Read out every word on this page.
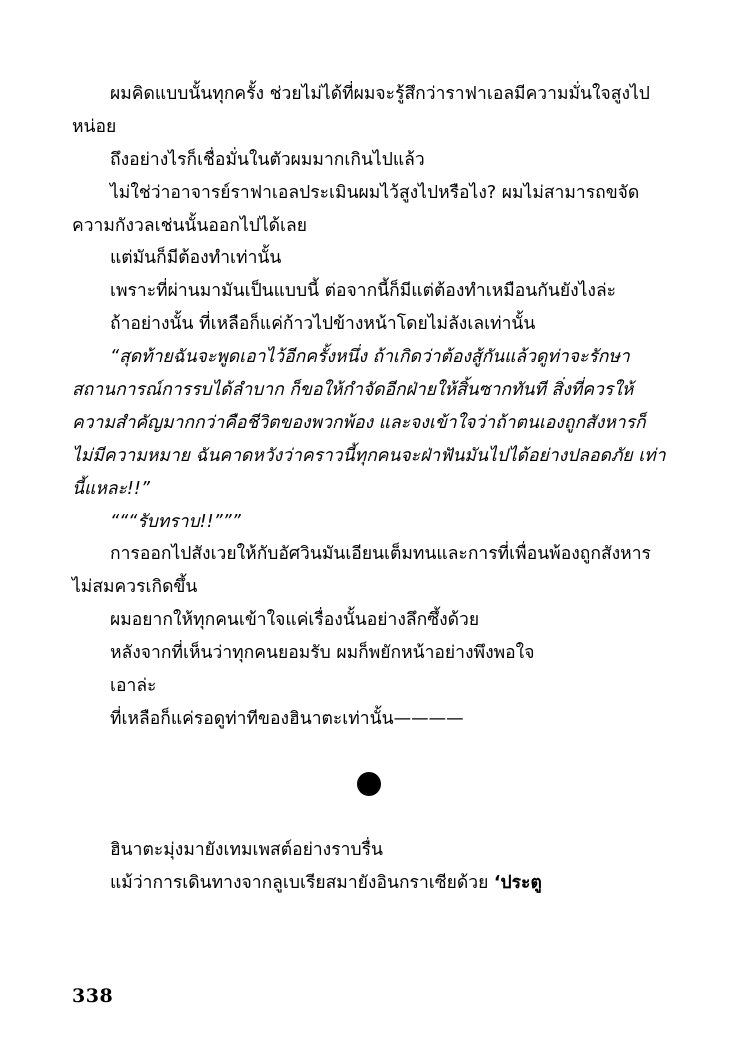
ผมคิดแบบนั้นทุกครั้ง ช่วยไม่ได้ที่ผมจะรู้สึกว่าราฟาเอลมีความมั่นใจสูงไปหน่อย

ถึงอย่างไรก็เชื่อมั่นในตัวผมมากเกินไปแล้ว

ไม่ใช่ว่าอาจารย์ราฟาเอลประเมินผมไว้สูงไปหรือไง? ผมไม่สามารถขจัดความกังวลเช่นนั้นออกไปได้เลย

แต่มันก็มีต้องทำเท่านั้น

เพราะที่ผ่านมามันเป็นแบบนี้ ต่อจากนี้ก็มีแต่ต้องทำเหมือนกันยังไงล่ะ

ถ้าอย่างนั้น ที่เหลือก็แค่ก้าวไปข้างหน้าโดยไม่ลังเลเท่านั้น

“สุดท้ายฉันจะพูดเอาไว้อีกครั้งหนึ่ง ถ้าเกิดว่าต้องสู้กันแล้วดูท่าจะรักษาสถานการณ์การรบได้ลำบาก ก็ขอให้กำจัดอีกฝ่ายให้สิ้นซากทันที สิ่งที่ควรให้ความสำคัญมากกว่าคือชีวิตของพวกพ้อง และจงเข้าใจว่าถ้าตนเองถูกสังหารก็ไม่มีความหมาย ฉันคาดหวังว่าคราวนี้ทุกคนจะฝ่าฟันมันไปได้อย่างปลอดภัย เท่านี้แหละ!!”

“““รับทราบ!!”””

การออกไปสังเวยให้กับอัศวินมันเอียนเต็มทนและการที่เพื่อนพ้องถูกสังหารไม่สมควรเกิดขึ้น

ผมอยากให้ทุกคนเข้าใจแค่เรื่องนั้นอย่างลึกซึ้งด้วย

หลังจากที่เห็นว่าทุกคนยอมรับ ผมก็พยักหน้าอย่างพึงพอใจ

เอาล่ะ

ที่เหลือก็แค่รอดูท่าทีของฮินาตะเท่านั้น————

ฮินาตะมุ่งมายังเทมเพสต์อย่างราบรื่น

แม้ว่าการเดินทางจากลูเบเรียสมายังอินกราเซียด้วย ‘ประตู

338
